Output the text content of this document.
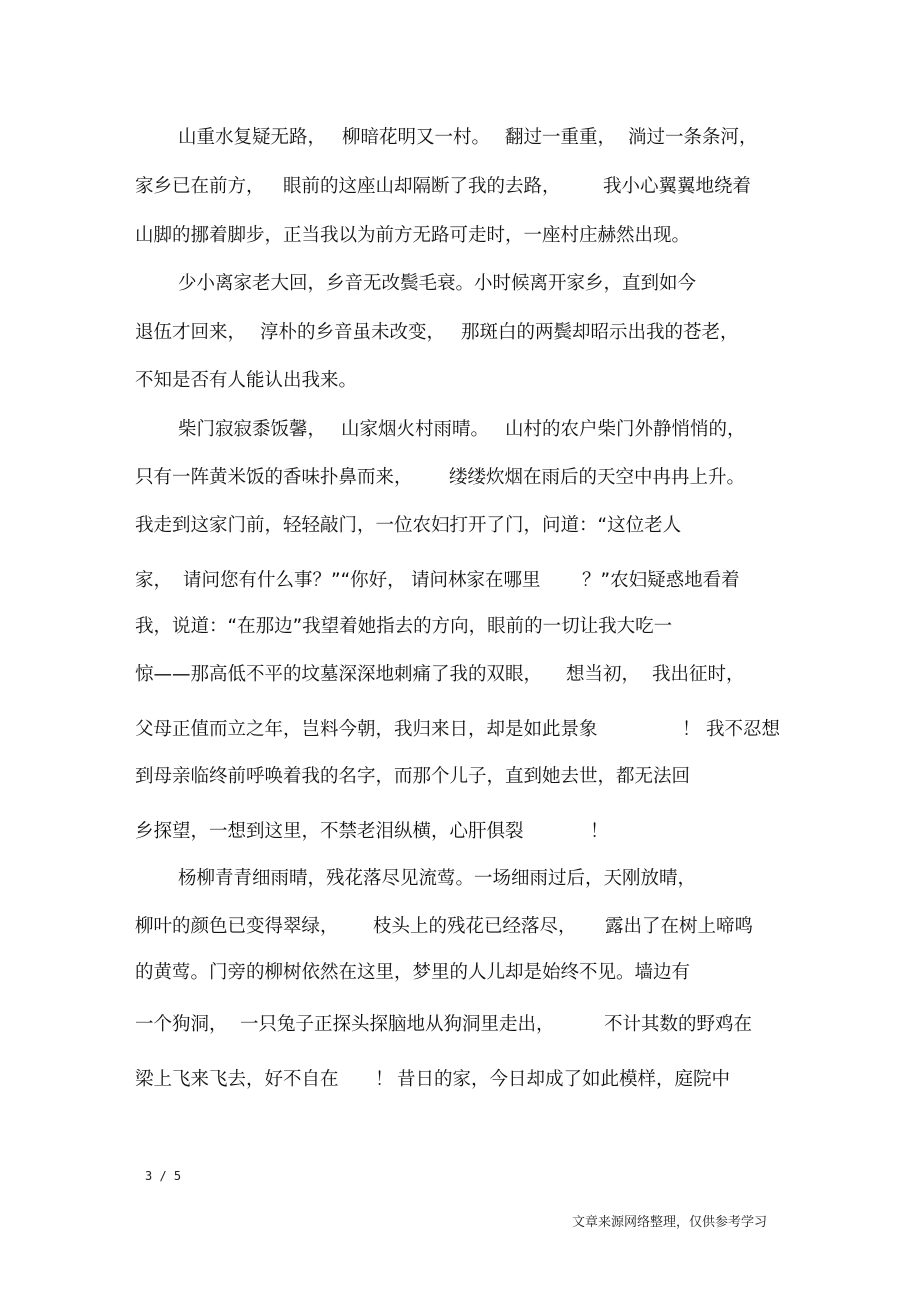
山重水复疑无路， 柳暗花明又一村。 翻过一重重， 淌过一条条河，
家乡已在前方， 眼前的这座山却隔断了我的去路， 我小心翼翼地绕着
山脚的挪着脚步，正当我以为前方无路可走时，一座村庄赫然出现。
少小离家老大回，乡音无改鬓毛衰。小时候离开家乡，直到如今
退伍才回来， 淳朴的乡音虽未改变， 那斑白的两鬓却昭示出我的苍老，
不知是否有人能认出我来。
柴门寂寂黍饭馨， 山家烟火村雨晴。 山村的农户柴门外静悄悄的，
只有一阵黄米饭的香味扑鼻而来， 缕缕炊烟在雨后的天空中冉冉上升。
我走到这家门前，轻轻敲门，一位农妇打开了门，问道：“这位老人
家， 请问您有什么事？”“你好， 请问林家在哪里 ？”农妇疑惑地看着
我，说道：“在那边”我望着她指去的方向，眼前的一切让我大吃一
惊——那高低不平的坟墓深深地刺痛了我的双眼， 想当初， 我出征时，
父母正值而立之年，岂料今朝，我归来日，却是如此景象	！ 我不忍想
到母亲临终前呼唤着我的名字，而那个儿子，直到她去世，都无法回
乡探望，一想到这里，不禁老泪纵横，心肝俱裂	！
杨柳青青细雨晴，残花落尽见流莺。一场细雨过后，天刚放晴，
柳叶的颜色已变得翠绿， 枝头上的残花已经落尽， 露出了在树上啼鸣
的黄莺。门旁的柳树依然在这里，梦里的人儿却是始终不见。墙边有
一个狗洞， 一只兔子正探头探脑地从狗洞里走出，	不计其数的野鸡在
梁上飞来飞去，好不自在 ！ 昔日的家，今日却成了如此模样，庭院中
3 / 5
文章来源网络整理，仅供参考学习
